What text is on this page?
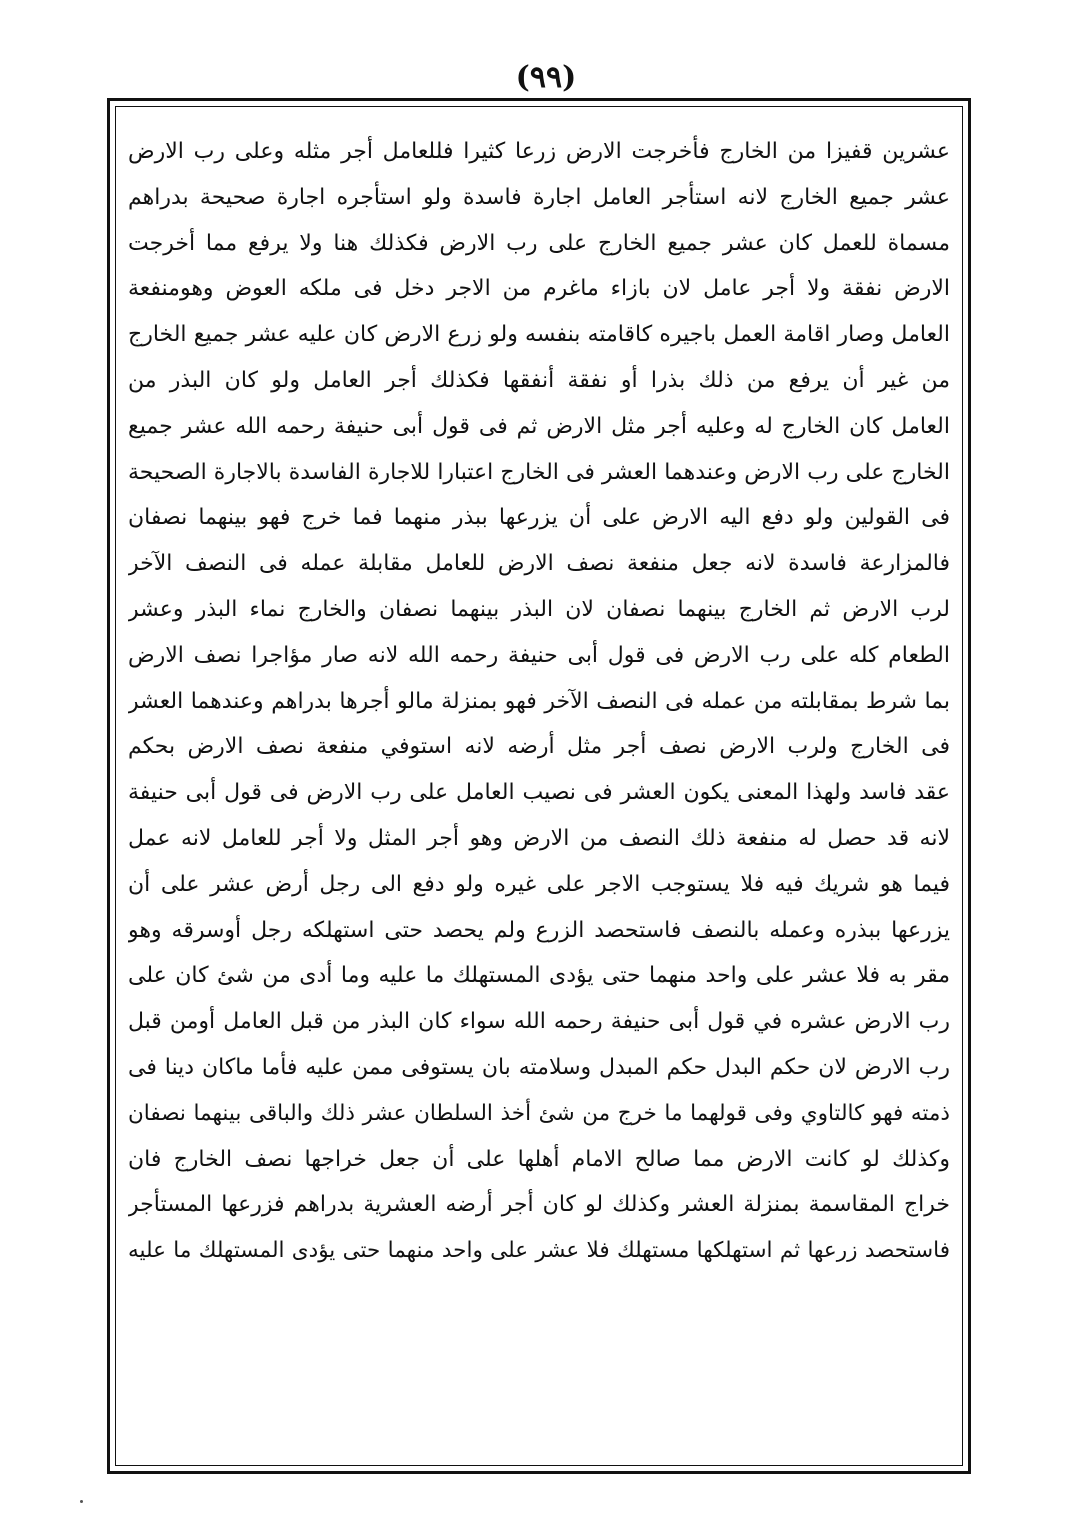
(٩٩)
عشرين قفيزا من الخارج فأخرجت الارض زرعا كثيرا فللعامل أجر مثله وعلى رب الارض
عشر جميع الخارج لانه استأجر العامل اجارة فاسدة ولو استأجره اجارة صحيحة بدراهم
مسماة للعمل كان عشر جميع الخارج على رب الارض فكذلك هنا ولا يرفع مما أخرجت
الارض نفقة ولا أجر عامل لان بازاء ماغرم من الاجر دخل فى ملكه العوض وهومنفعة
العامل وصار اقامة العمل باجيره كاقامته بنفسه ولو زرع الارض كان عليه عشر جميع الخارج
من غير أن يرفع من ذلك بذرا أو نفقة أنفقها فكذلك أجر العامل ولو كان البذر من
العامل كان الخارج له وعليه أجر مثل الارض ثم فى قول أبى حنيفة رحمه الله عشر جميع
الخارج على رب الارض وعندهما العشر فى الخارج اعتبارا للاجارة الفاسدة بالاجارة الصحيحة
فى القولين ولو دفع اليه الارض على أن يزرعها ببذر منهما فما خرج فهو بينهما نصفان
فالمزارعة فاسدة لانه جعل منفعة نصف الارض للعامل مقابلة عمله فى النصف الآخر
لرب الارض ثم الخارج بينهما نصفان لان البذر بينهما نصفان والخارج نماء البذر وعشر
الطعام كله على رب الارض فى قول أبى حنيفة رحمه الله لانه صار مؤاجرا نصف الارض
بما شرط بمقابلته من عمله فى النصف الآخر فهو بمنزلة مالو أجرها بدراهم وعندهما العشر
فى الخارج ولرب الارض نصف أجر مثل أرضه لانه استوفي منفعة نصف الارض بحكم
عقد فاسد ولهذا المعنى يكون العشر فى نصيب العامل على رب الارض فى قول أبى حنيفة
لانه قد حصل له منفعة ذلك النصف من الارض وهو أجر المثل ولا أجر للعامل لانه عمل
فيما هو شريك فيه فلا يستوجب الاجر على غيره ولو دفع الى رجل أرض عشر على أن
يزرعها ببذره وعمله بالنصف فاستحصد الزرع ولم يحصد حتى استهلكه رجل أوسرقه وهو
مقر به فلا عشر على واحد منهما حتى يؤدى المستهلك ما عليه وما أدى من شئ كان على
رب الارض عشره في قول أبى حنيفة رحمه الله سواء كان البذر من قبل العامل أومن قبل
رب الارض لان حكم البدل حكم المبدل وسلامته بان يستوفى ممن عليه فأما ماكان دينا فى
ذمته فهو كالتاوي وفى قولهما ما خرج من شئ أخذ السلطان عشر ذلك والباقى بينهما نصفان
وكذلك لو كانت الارض مما صالح الامام أهلها على أن جعل خراجها نصف الخارج فان
خراج المقاسمة بمنزلة العشر وكذلك لو كان أجر أرضه العشرية بدراهم فزرعها المستأجر
فاستحصد زرعها ثم استهلكها مستهلك فلا عشر على واحد منهما حتى يؤدى المستهلك ما عليه
